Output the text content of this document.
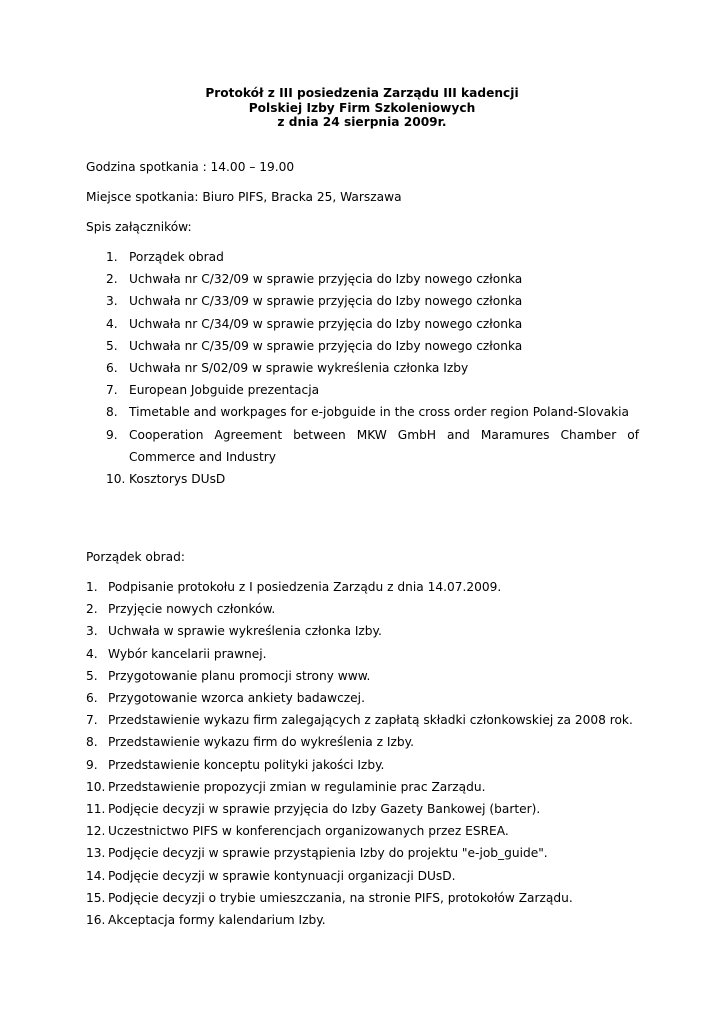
Protokół z III posiedzenia Zarządu III kadencji
Polskiej Izby Firm Szkoleniowych
z dnia 24 sierpnia 2009r.
Godzina spotkania : 14.00 – 19.00
Miejsce spotkania: Biuro PIFS, Bracka 25, Warszawa
Spis załączników:
1. Porządek obrad
2. Uchwała nr C/32/09 w sprawie przyjęcia do Izby nowego członka
3. Uchwała nr C/33/09 w sprawie przyjęcia do Izby nowego członka
4. Uchwała nr C/34/09 w sprawie przyjęcia do Izby nowego członka
5. Uchwała nr C/35/09 w sprawie przyjęcia do Izby nowego członka
6. Uchwała nr S/02/09 w sprawie wykreślenia członka Izby
7. European Jobguide prezentacja
8. Timetable and workpages for e-jobguide in the cross order region Poland-Slovakia
9. Cooperation Agreement between MKW GmbH and Maramures Chamber of Commerce and Industry
10. Kosztorys DUsD
Porządek obrad:
1. Podpisanie protokołu z I posiedzenia Zarządu z dnia 14.07.2009.
2. Przyjęcie nowych członków.
3. Uchwała w sprawie wykreślenia członka Izby.
4. Wybór kancelarii prawnej.
5. Przygotowanie planu promocji strony www.
6. Przygotowanie wzorca ankiety badawczej.
7. Przedstawienie wykazu firm zalegających z zapłatą składki członkowskiej za 2008 rok.
8. Przedstawienie wykazu firm do wykreślenia z Izby.
9. Przedstawienie konceptu polityki jakości Izby.
10. Przedstawienie propozycji zmian w regulaminie prac Zarządu.
11. Podjęcie decyzji w sprawie przyjęcia do Izby Gazety Bankowej (barter).
12. Uczestnictwo PIFS w konferencjach organizowanych przez ESREA.
13. Podjęcie decyzji w sprawie przystąpienia Izby do projektu "e-job_guide".
14. Podjęcie decyzji w sprawie kontynuacji organizacji DUsD.
15. Podjęcie decyzji o trybie umieszczania, na stronie PIFS, protokołów Zarządu.
16. Akceptacja formy kalendarium Izby.
